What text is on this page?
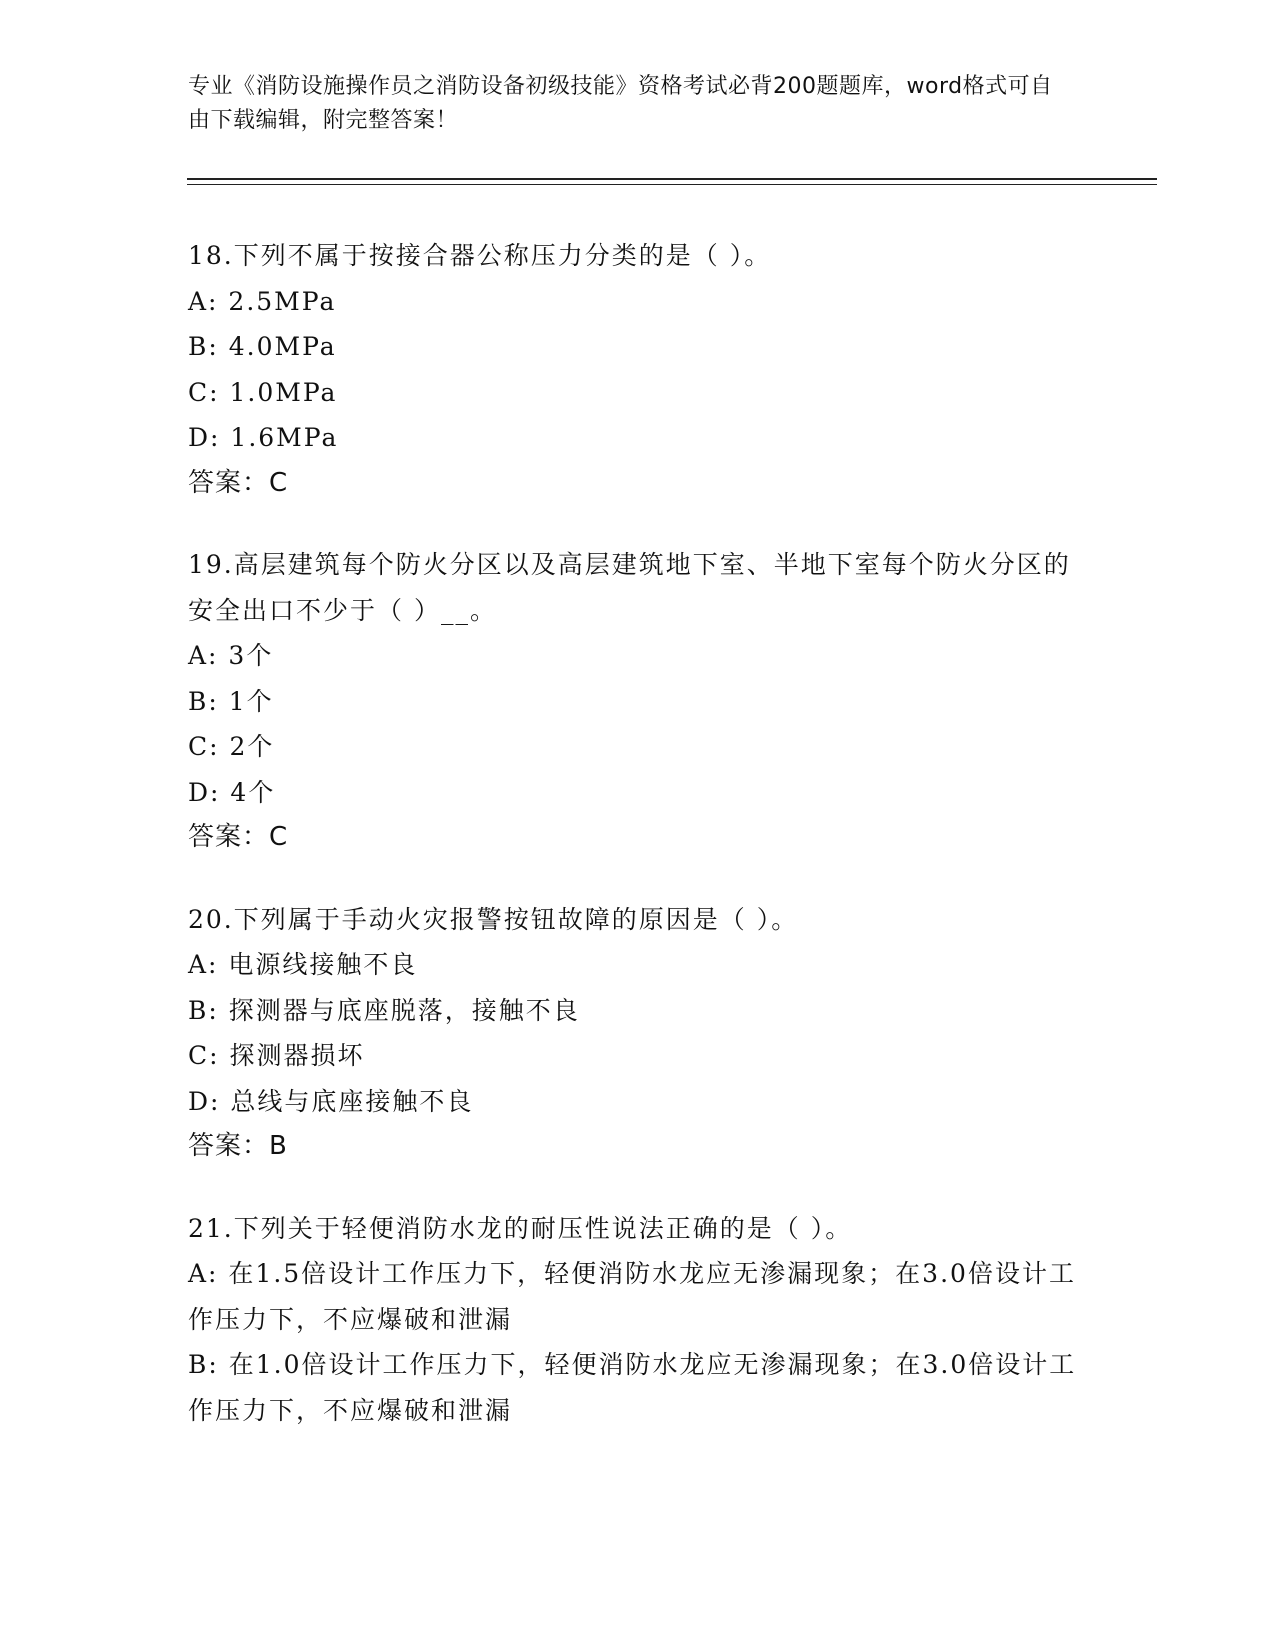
专业《消防设施操作员之消防设备初级技能》资格考试必背200题题库，word格式可自由下载编辑，附完整答案！
18.下列不属于按接合器公称压力分类的是（ ）。
A: 2.5MPa
B: 4.0MPa
C: 1.0MPa
D: 1.6MPa
答案：C
19.高层建筑每个防火分区以及高层建筑地下室、半地下室每个防火分区的安全出口不少于（ ）__。
A: 3个
B: 1个
C: 2个
D: 4个
答案：C
20.下列属于手动火灾报警按钮故障的原因是（ ）。
A: 电源线接触不良
B: 探测器与底座脱落，接触不良
C: 探测器损坏
D: 总线与底座接触不良
答案：B
21.下列关于轻便消防水龙的耐压性说法正确的是（ ）。
A: 在1.5倍设计工作压力下，轻便消防水龙应无渗漏现象；在3.0倍设计工作压力下，不应爆破和泄漏
B: 在1.0倍设计工作压力下，轻便消防水龙应无渗漏现象；在3.0倍设计工作压力下，不应爆破和泄漏
